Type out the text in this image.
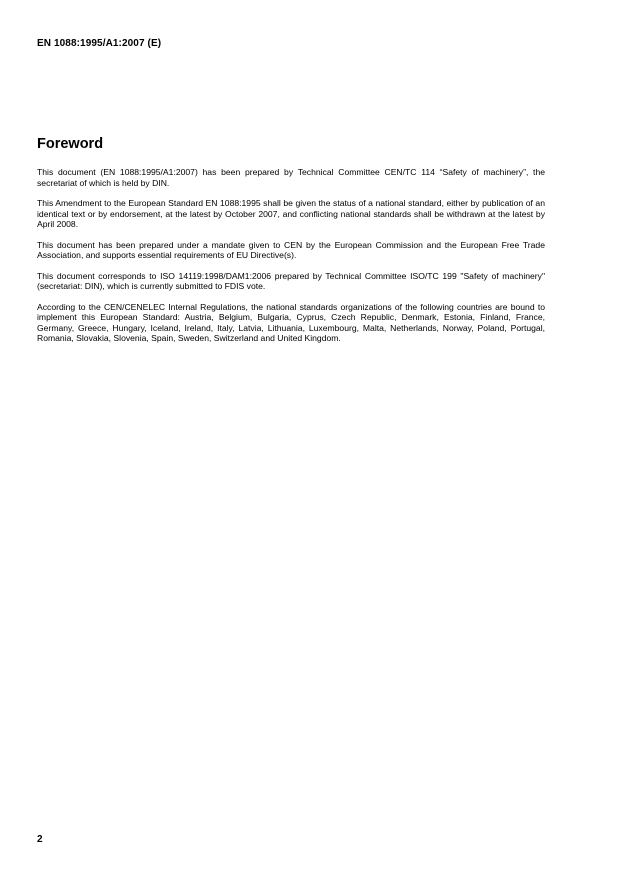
EN 1088:1995/A1:2007 (E)
Foreword

This document (EN 1088:1995/A1:2007) has been prepared by Technical Committee CEN/TC 114 “Safety of machinery”, the secretariat of which is held by DIN.

This Amendment to the European Standard EN 1088:1995 shall be given the status of a national standard, either by publication of an identical text or by endorsement, at the latest by October 2007, and conflicting national standards shall be withdrawn at the latest by April 2008.

This document has been prepared under a mandate given to CEN by the European Commission and the European Free Trade Association, and supports essential requirements of EU Directive(s).

This document corresponds to ISO 14119:1998/DAM1:2006 prepared by Technical Committee ISO/TC 199 "Safety of machinery" (secretariat: DIN), which is currently submitted to FDIS vote.

According to the CEN/CENELEC Internal Regulations, the national standards organizations of the following countries are bound to implement this European Standard: Austria, Belgium, Bulgaria, Cyprus, Czech Republic, Denmark, Estonia, Finland, France, Germany, Greece, Hungary, Iceland, Ireland, Italy, Latvia, Lithuania, Luxembourg, Malta, Netherlands, Norway, Poland, Portugal, Romania, Slovakia, Slovenia, Spain, Sweden, Switzerland and United Kingdom.

2
